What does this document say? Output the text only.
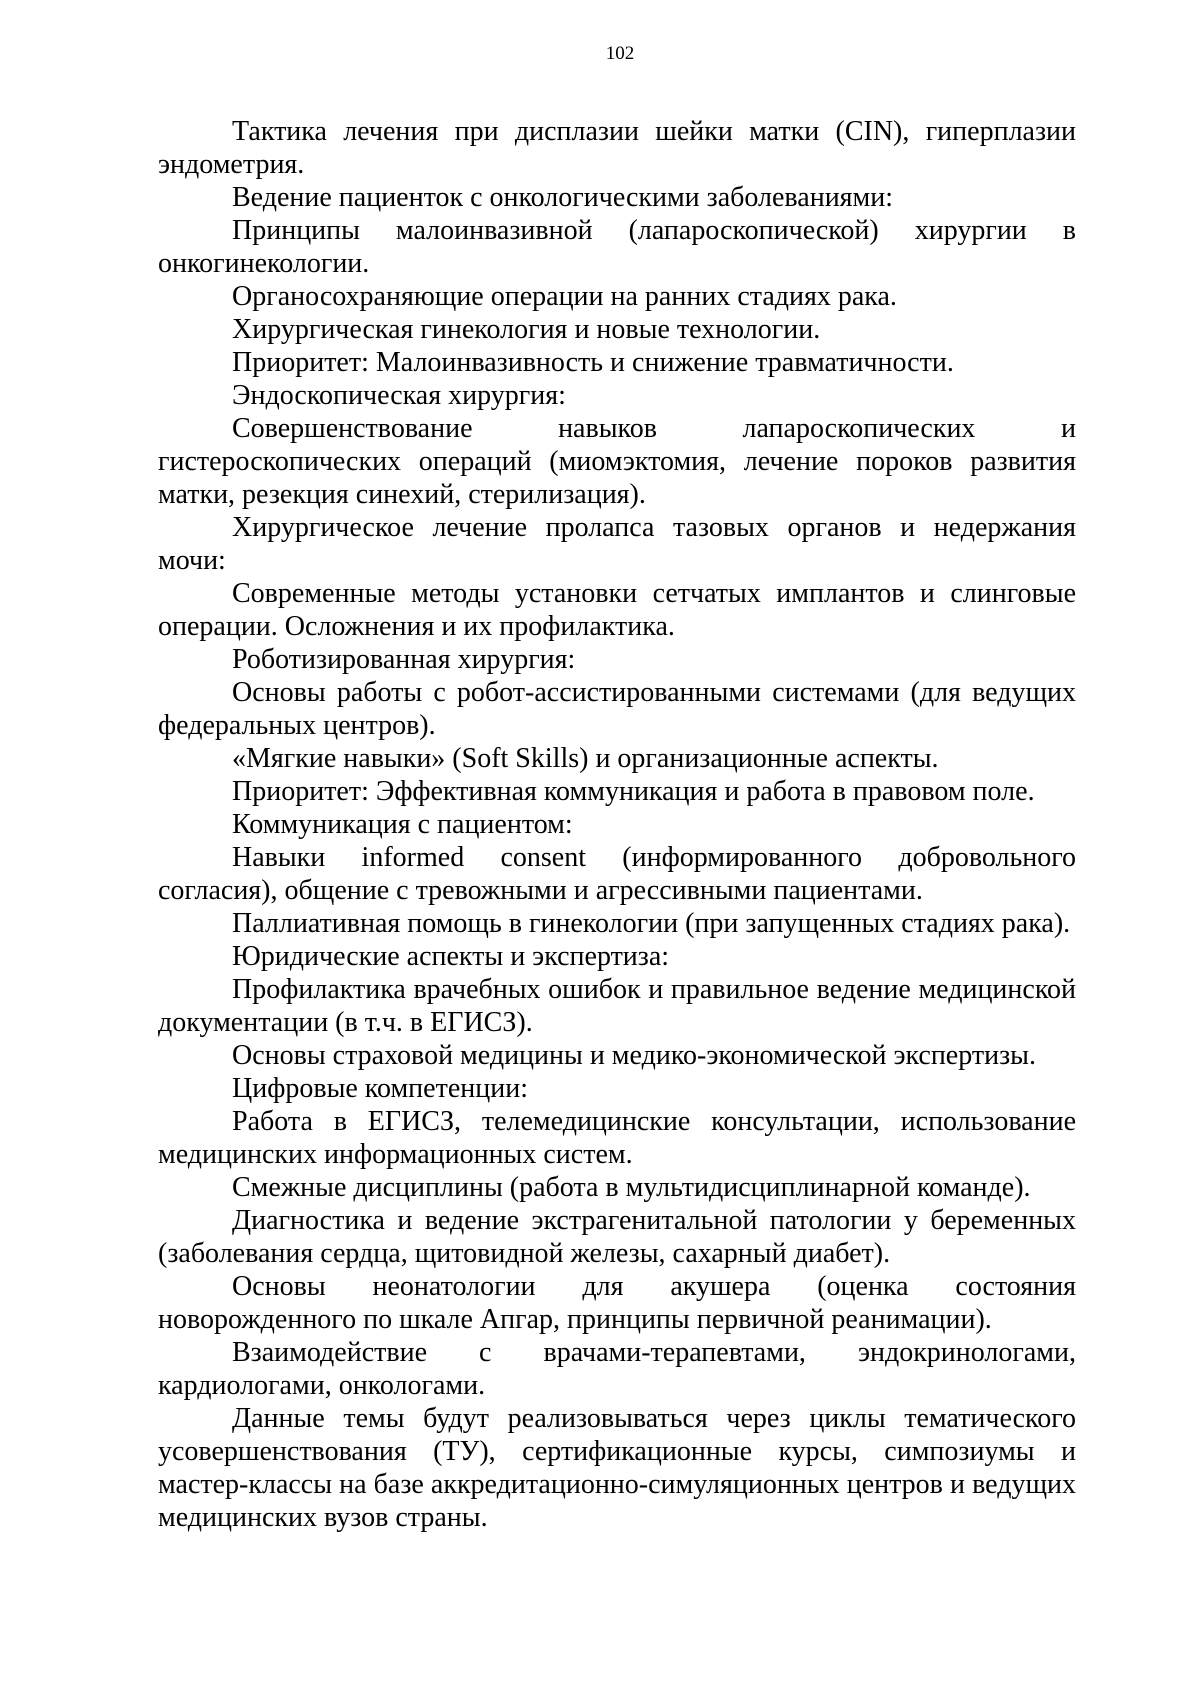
102

Тактика лечения при дисплазии шейки матки (CIN), гиперплазии эндометрия.

Ведение пациенток с онкологическими заболеваниями:

Принципы малоинвазивной (лапароскопической) хирургии в онкогинекологии.

Органосохраняющие операции на ранних стадиях рака.

Хирургическая гинекология и новые технологии.

Приоритет: Малоинвазивность и снижение травматичности.

Эндоскопическая хирургия:

Совершенствование навыков лапароскопических и гистероскопических операций (миомэктомия, лечение пороков развития матки, резекция синехий, стерилизация).

Хирургическое лечение пролапса тазовых органов и недержания мочи:

Современные методы установки сетчатых имплантов и слинговые операции. Осложнения и их профилактика.

Роботизированная хирургия:

Основы работы с робот-ассистированными системами (для ведущих федеральных центров).

«Мягкие навыки» (Soft Skills) и организационные аспекты.

Приоритет: Эффективная коммуникация и работа в правовом поле.

Коммуникация с пациентом:

Навыки informed consent (информированного добровольного согласия), общение с тревожными и агрессивными пациентами.

Паллиативная помощь в гинекологии (при запущенных стадиях рака).

Юридические аспекты и экспертиза:

Профилактика врачебных ошибок и правильное ведение медицинской документации (в т.ч. в ЕГИСЗ).

Основы страховой медицины и медико-экономической экспертизы.

Цифровые компетенции:

Работа в ЕГИСЗ, телемедицинские консультации, использование медицинских информационных систем.

Смежные дисциплины (работа в мультидисциплинарной команде).

Диагностика и ведение экстрагенитальной патологии у беременных (заболевания сердца, щитовидной железы, сахарный диабет).

Основы неонатологии для акушера (оценка состояния новорожденного по шкале Апгар, принципы первичной реанимации).

Взаимодействие с врачами-терапевтами, эндокринологами, кардиологами, онкологами.

Данные темы будут реализовываться через циклы тематического усовершенствования (ТУ), сертификационные курсы, симпозиумы и мастер-классы на базе аккредитационно-симуляционных центров и ведущих медицинских вузов страны.
